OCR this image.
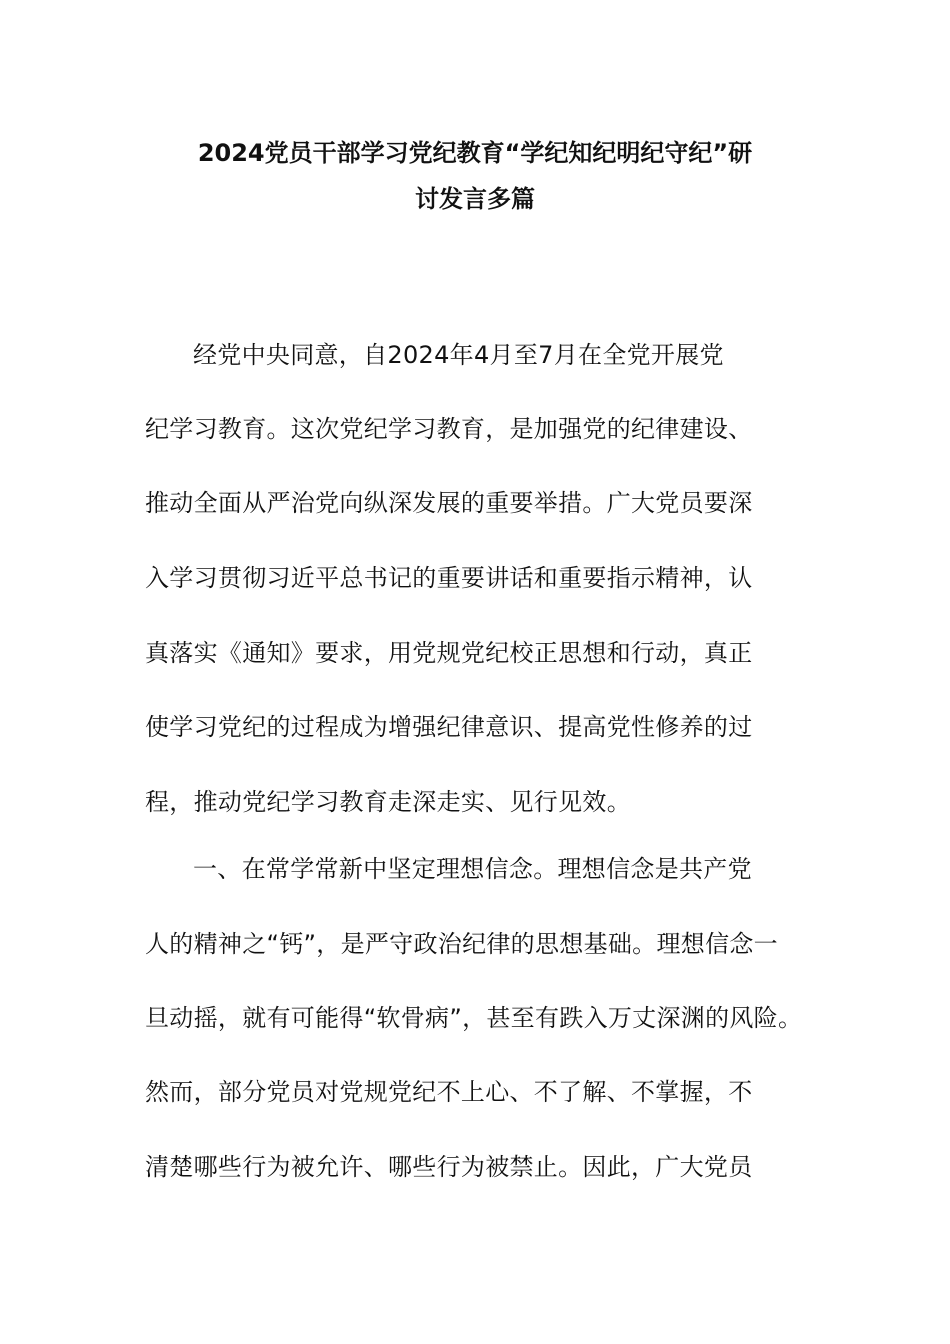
2024党员干部学习党纪教育“学纪知纪明纪守纪”研
讨发言多篇
经党中央同意，自2024年4月至7月在全党开展党
纪学习教育。这次党纪学习教育，是加强党的纪律建设、
推动全面从严治党向纵深发展的重要举措。广大党员要深
入学习贯彻习近平总书记的重要讲话和重要指示精神，认
真落实《通知》要求，用党规党纪校正思想和行动，真正
使学习党纪的过程成为增强纪律意识、提高党性修养的过
程，推动党纪学习教育走深走实、见行见效。
一、在常学常新中坚定理想信念。理想信念是共产党
人的精神之“钙”，是严守政治纪律的思想基础。理想信念一
旦动摇，就有可能得“软骨病”，甚至有跌入万丈深渊的风险。
然而，部分党员对党规党纪不上心、不了解、不掌握，不
清楚哪些行为被允许、哪些行为被禁止。因此，广大党员
